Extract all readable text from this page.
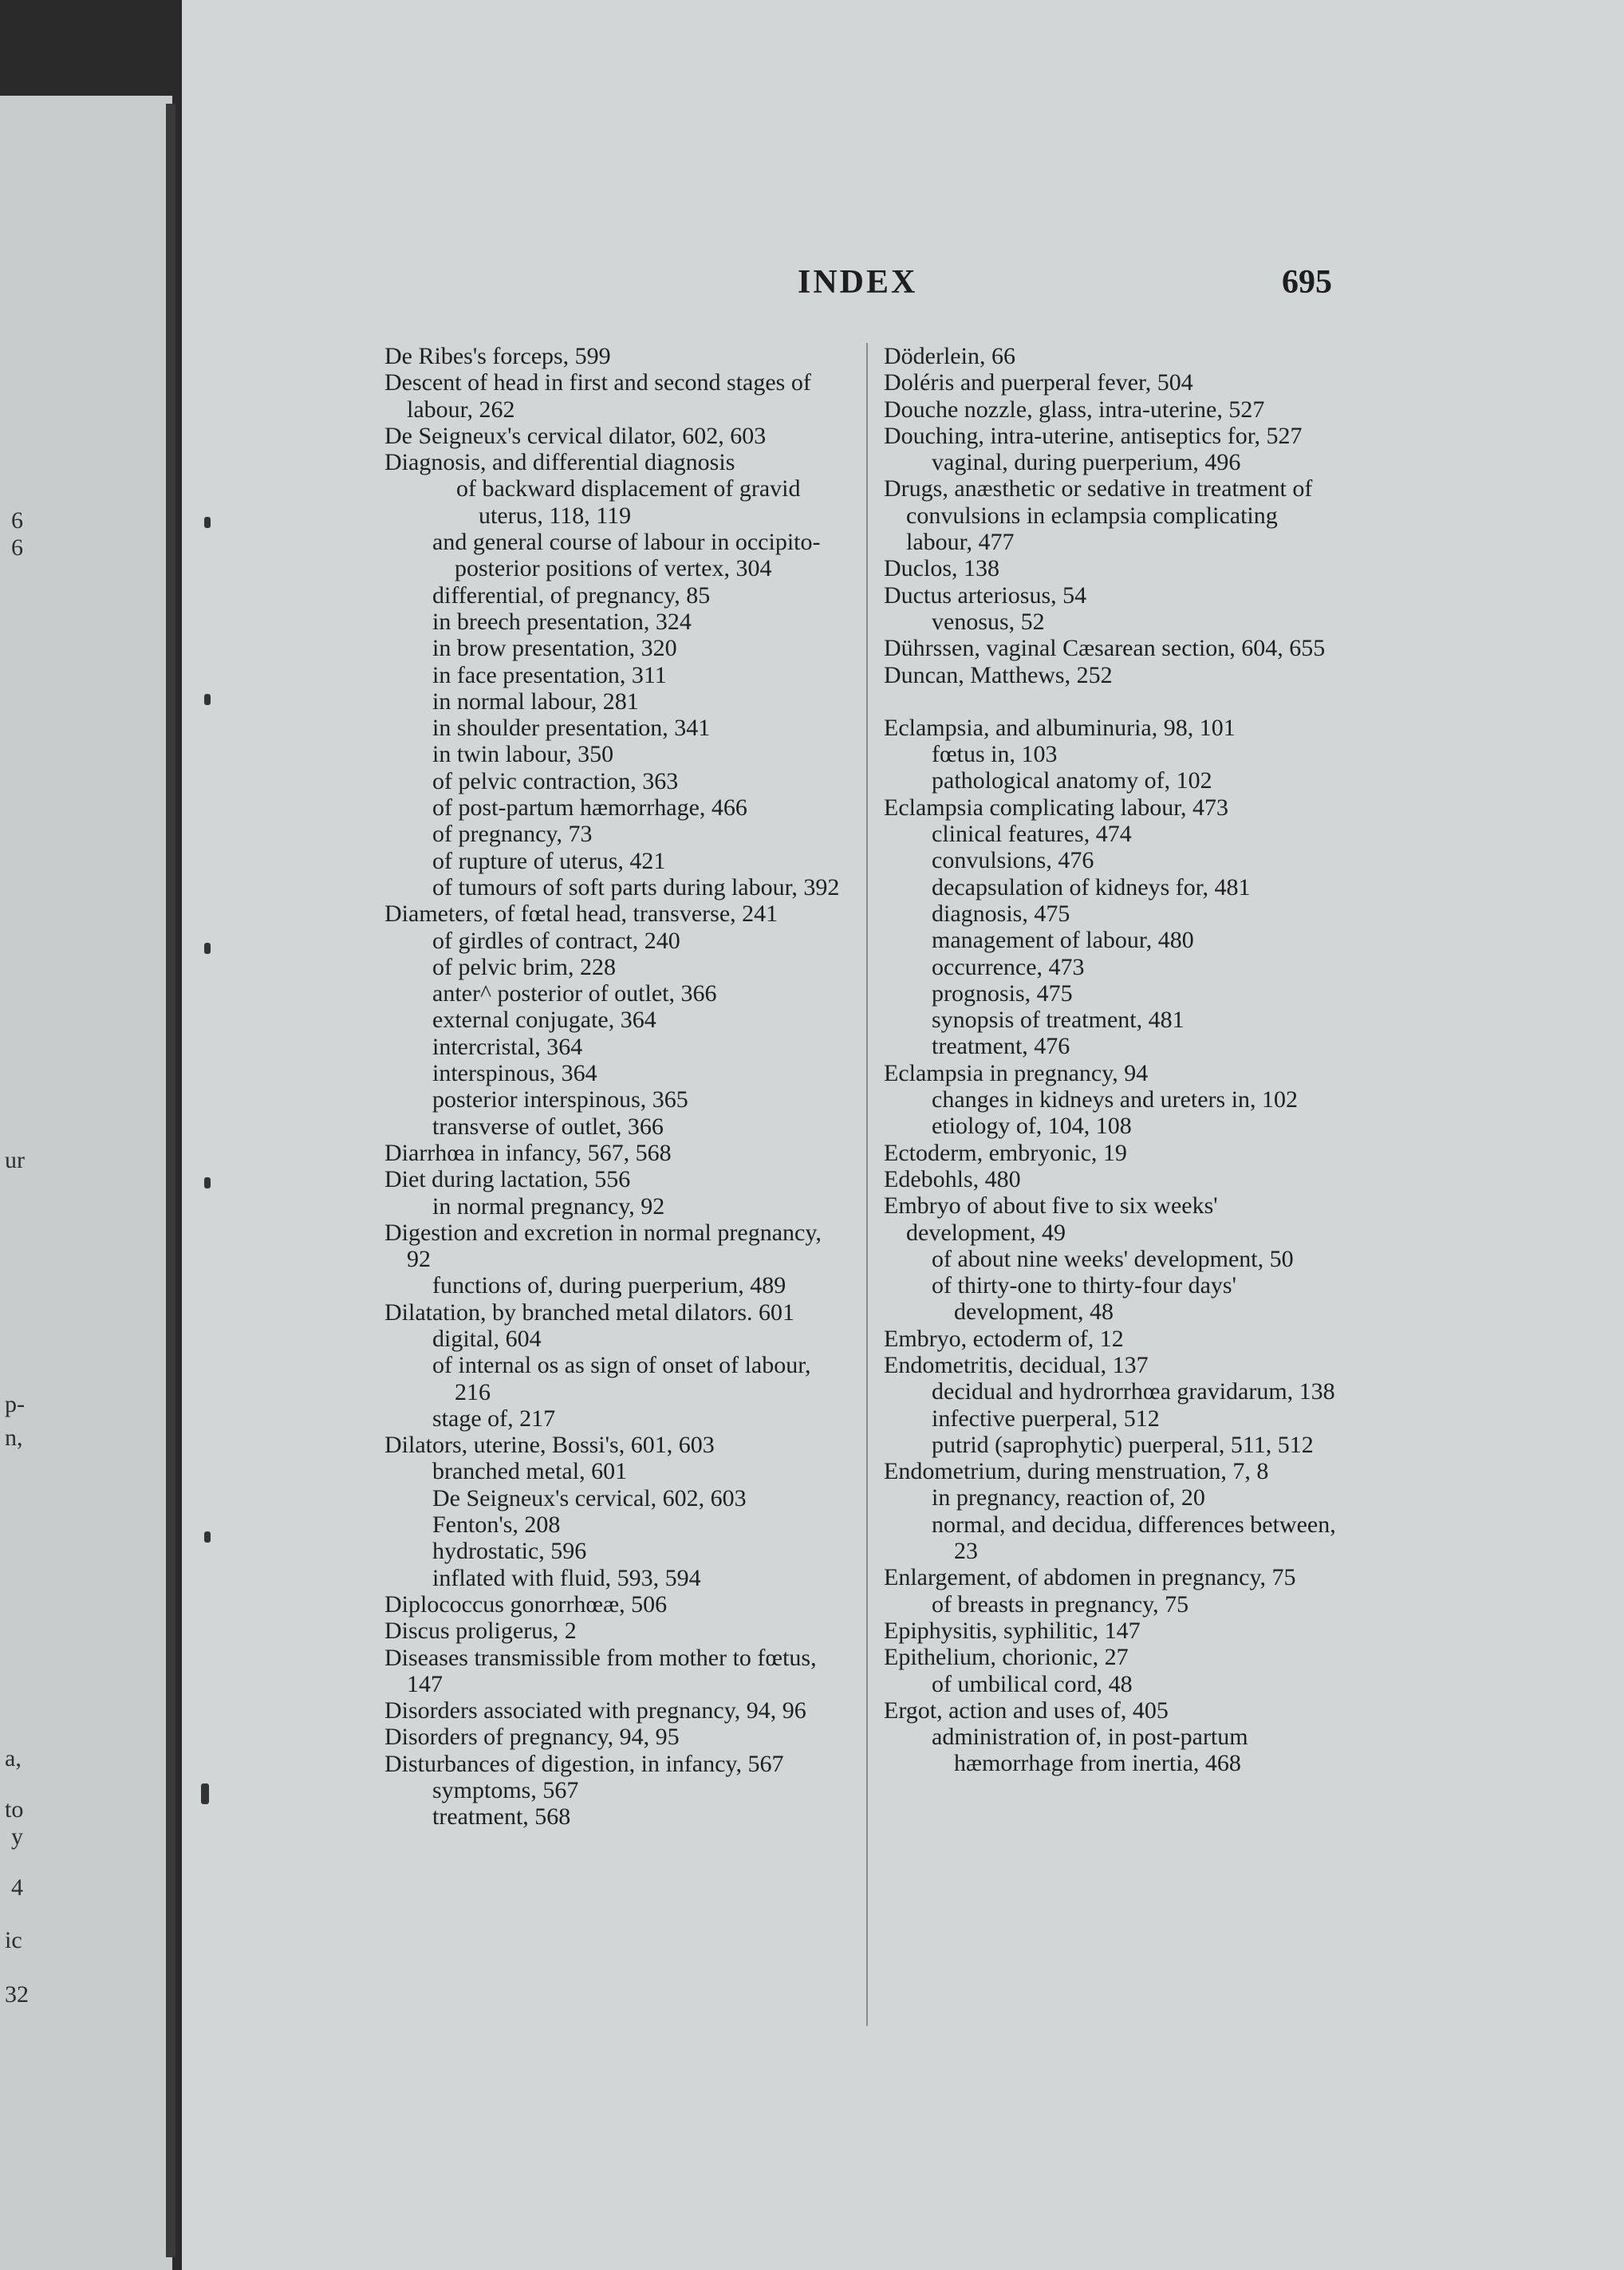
6
6
ur
p-
n,
a,
to
y
4
ic
32
INDEX	695
De Ribes's forceps, 599
Descent of head in first and second stages of labour, 262
De Seigneux's cervical dilator, 602, 603
Diagnosis, and differential diagnosis
of backward displacement of gravid uterus, 118, 119
and general course of labour in occipito-posterior positions of vertex, 304
differential, of pregnancy, 85
in breech presentation, 324
in brow presentation, 320
in face presentation, 311
in normal labour, 281
in shoulder presentation, 341
in twin labour, 350
of pelvic contraction, 363
of post-partum hæmorrhage, 466
of pregnancy, 73
of rupture of uterus, 421
of tumours of soft parts during labour, 392
Diameters, of fœtal head, transverse, 241
of girdles of contract, 240
of pelvic brim, 228
anter^ posterior of outlet, 366
external conjugate, 364
intercristal, 364
interspinous, 364
posterior interspinous, 365
transverse of outlet, 366
Diarrhœa in infancy, 567, 568
Diet during lactation, 556
in normal pregnancy, 92
Digestion and excretion in normal pregnancy, 92
functions of, during puerperium, 489
Dilatation, by branched metal dilators. 601
digital, 604
of internal os as sign of onset of labour, 216
stage of, 217
Dilators, uterine, Bossi's, 601, 603
branched metal, 601
De Seigneux's cervical, 602, 603
Fenton's, 208
hydrostatic, 596
inflated with fluid, 593, 594
Diplococcus gonorrhœæ, 506
Discus proligerus, 2
Diseases transmissible from mother to fœtus, 147
Disorders associated with pregnancy, 94, 96
Disorders of pregnancy, 94, 95
Disturbances of digestion, in infancy, 567
symptoms, 567
treatment, 568
Döderlein, 66
Doléris and puerperal fever, 504
Douche nozzle, glass, intra-uterine, 527
Douching, intra-uterine, antiseptics for, 527
vaginal, during puerperium, 496
Drugs, anæsthetic or sedative in treatment of convulsions in eclampsia complicating labour, 477
Duclos, 138
Ductus arteriosus, 54
venosus, 52
Dührssen, vaginal Cæsarean section, 604, 655
Duncan, Matthews, 252
Eclampsia, and albuminuria, 98, 101
fœtus in, 103
pathological anatomy of, 102
Eclampsia complicating labour, 473
clinical features, 474
convulsions, 476
decapsulation of kidneys for, 481
diagnosis, 475
management of labour, 480
occurrence, 473
prognosis, 475
synopsis of treatment, 481
treatment, 476
Eclampsia in pregnancy, 94
changes in kidneys and ureters in, 102
etiology of, 104, 108
Ectoderm, embryonic, 19
Edebohls, 480
Embryo of about five to six weeks' development, 49
of about nine weeks' development, 50
of thirty-one to thirty-four days' development, 48
Embryo, ectoderm of, 12
Endometritis, decidual, 137
decidual and hydrorrhœa gravidarum, 138
infective puerperal, 512
putrid (saprophytic) puerperal, 511, 512
Endometrium, during menstruation, 7, 8
in pregnancy, reaction of, 20
normal, and decidua, differences between, 23
Enlargement, of abdomen in pregnancy, 75
of breasts in pregnancy, 75
Epiphysitis, syphilitic, 147
Epithelium, chorionic, 27
of umbilical cord, 48
Ergot, action and uses of, 405
administration of, in post-partum hæmorrhage from inertia, 468
